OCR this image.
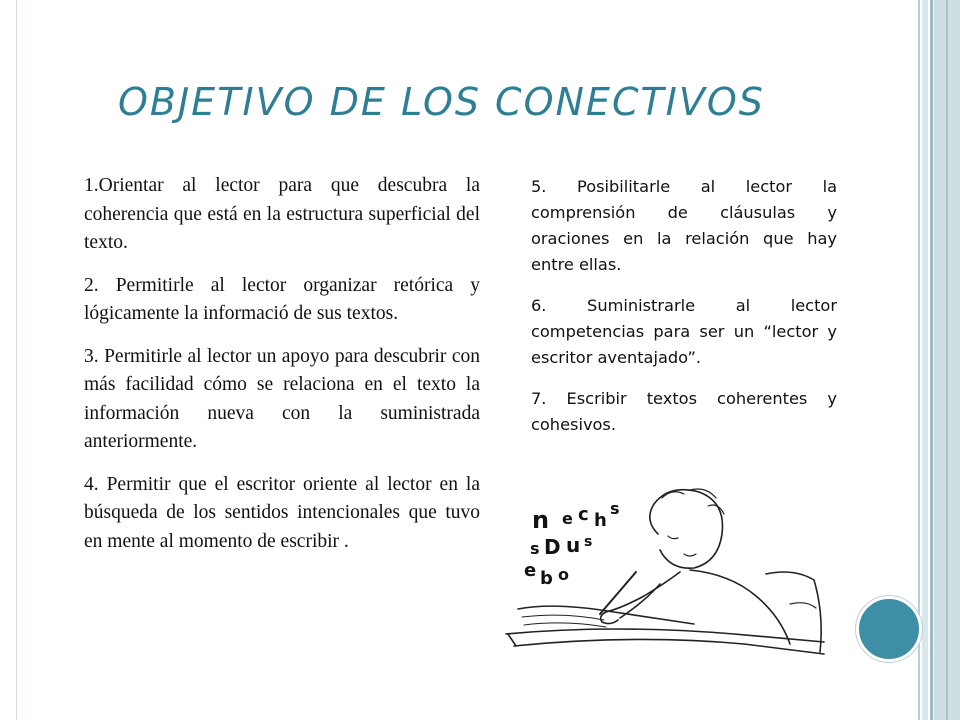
OBJETIVO DE LOS CONECTIVOS

1.Orientar al lector para que descubra la coherencia que está en la estructura superficial del texto.

2. Permitirle al lector organizar retórica y lógicamente la informació de sus textos.

3. Permitirle al lector un apoyo para descubrir con más facilidad cómo se relaciona en el texto la información nueva con la suministrada anteriormente.

4. Permitir que el escritor oriente al lector en la búsqueda de los sentidos intencionales que tuvo en mente al momento de escribir .

5. Posibilitarle al lector la comprensión de cláusulas y oraciones en la relación que hay entre ellas.

6. Suministrarle al lector competencias para ser un “lector y escritor aventajado”.

7. Escribir textos coherentes y cohesivos.

n e c h
s
s D u
e b o
s
